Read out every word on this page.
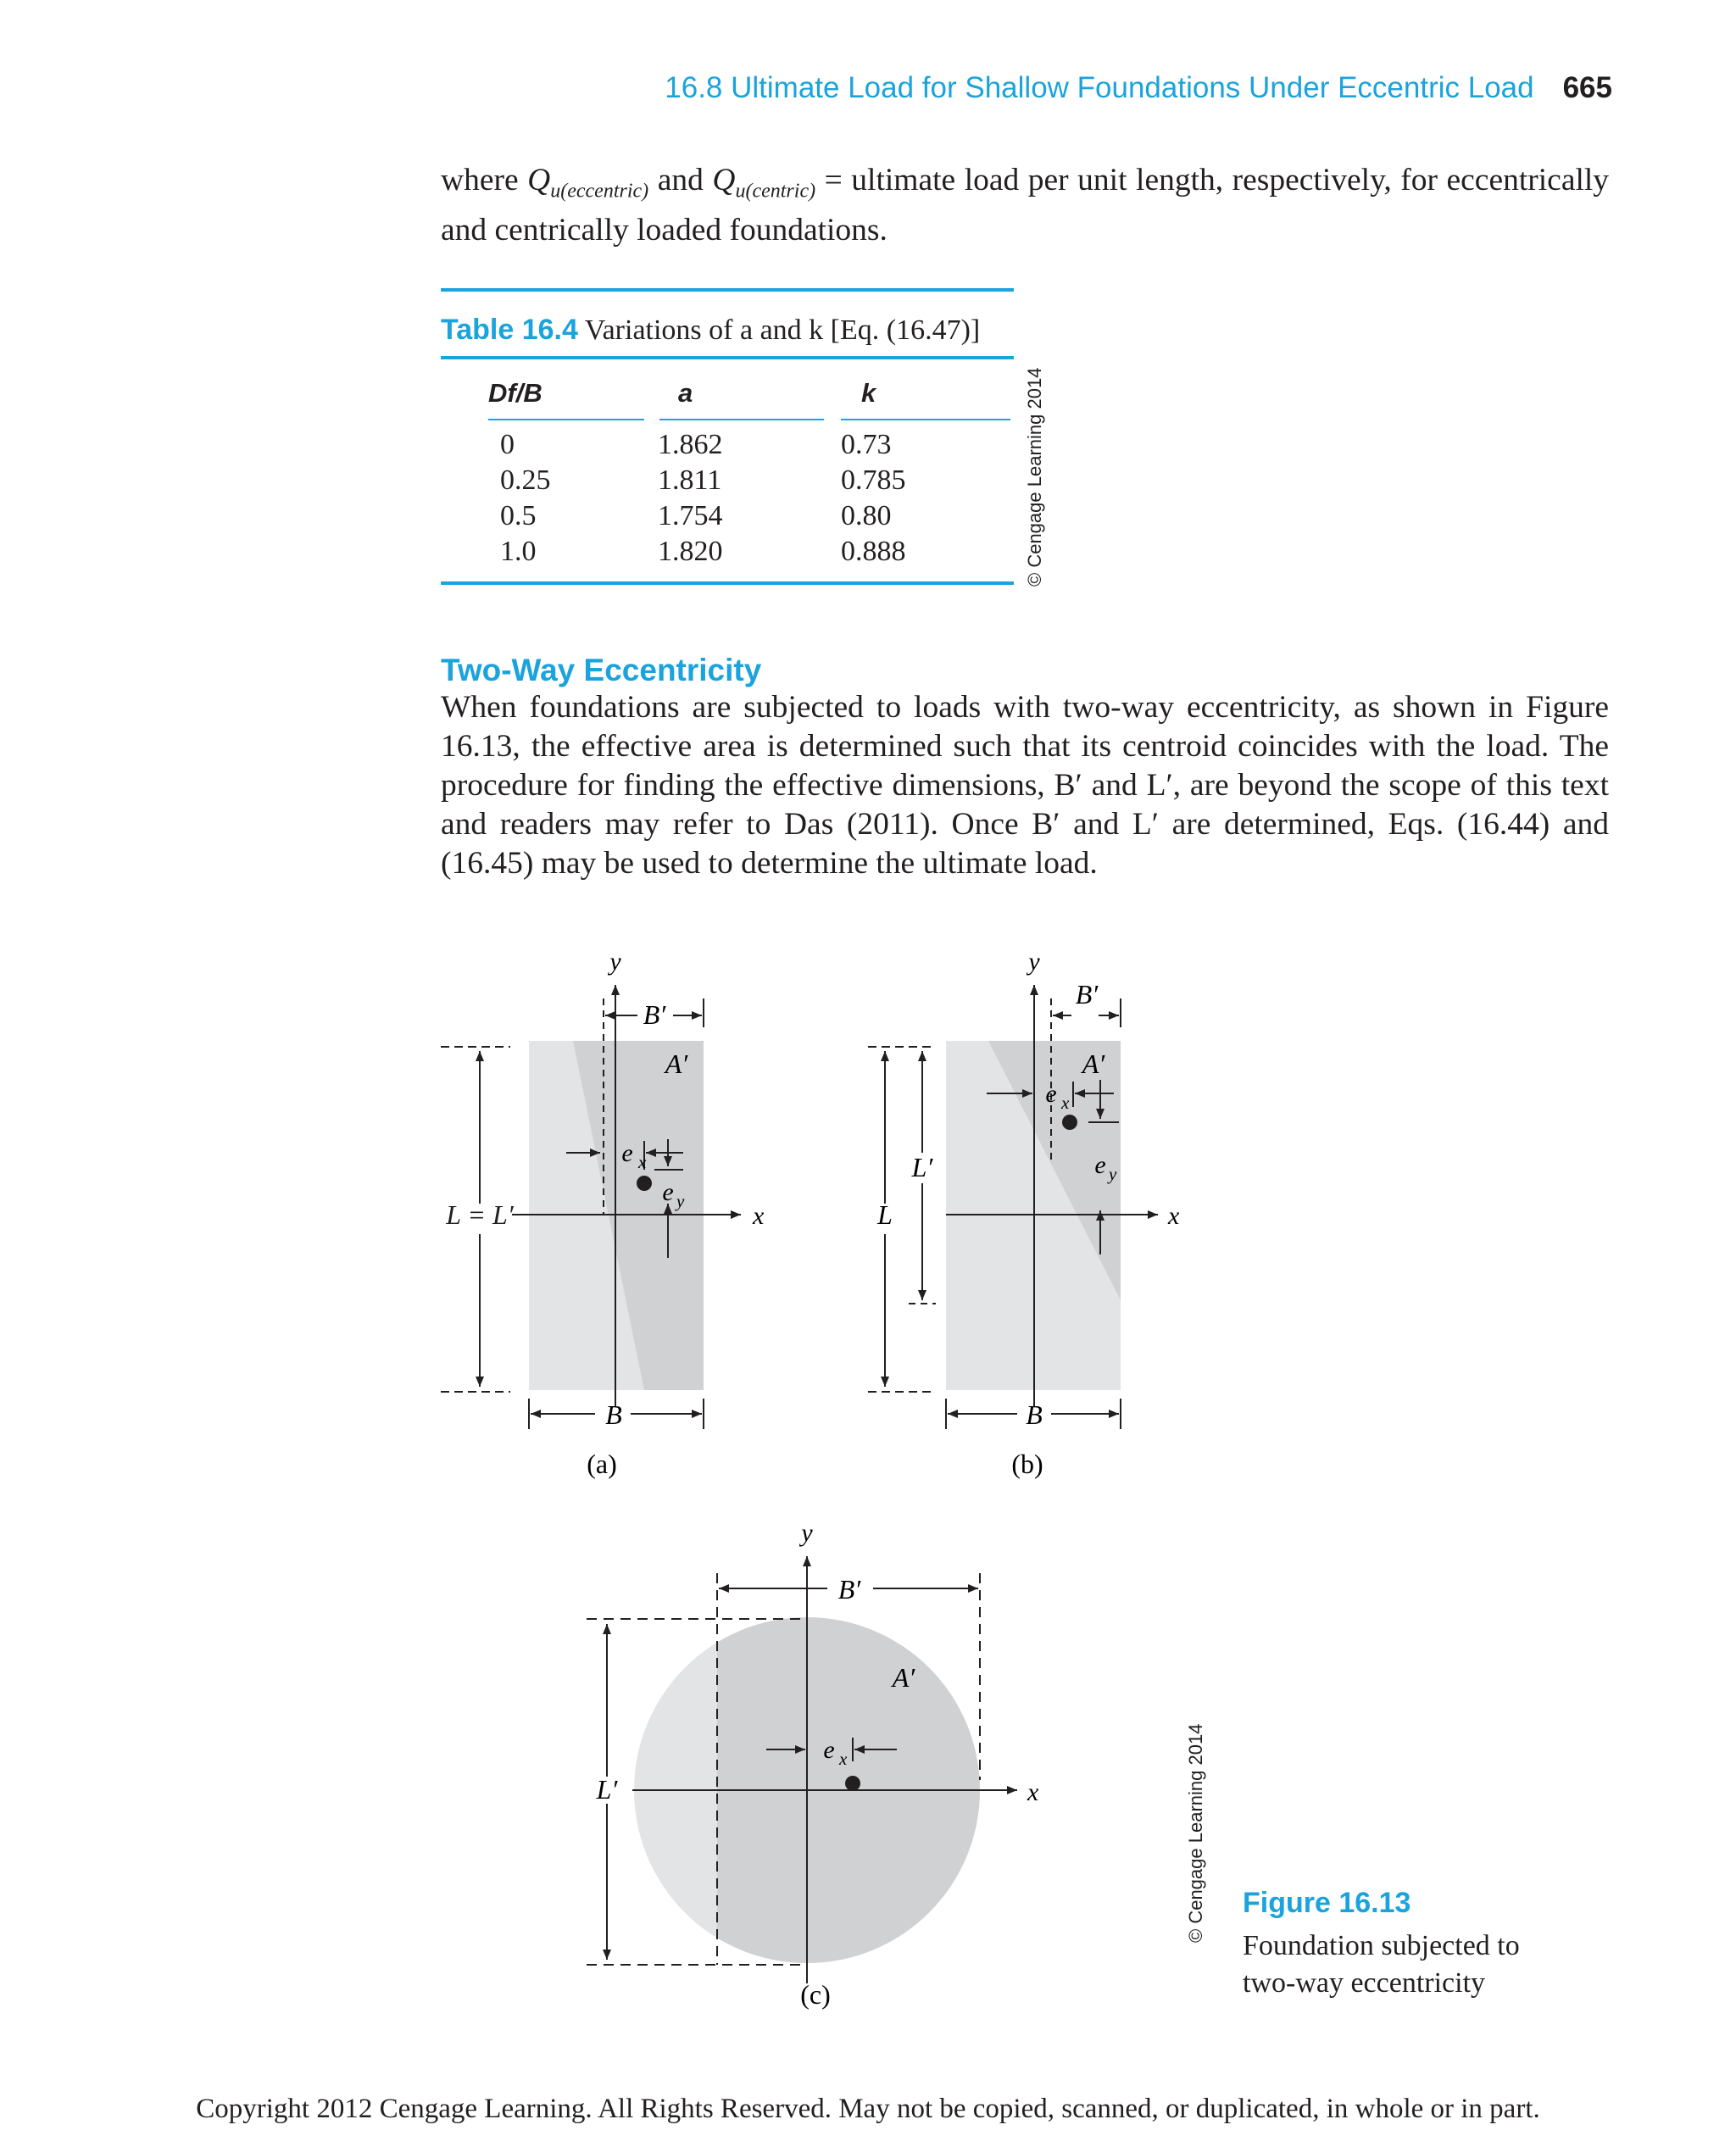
16.8 Ultimate Load for Shallow Foundations Under Eccentric Load 665
where $Q_{u(eccentric)}$ and $Q_{u(centric)}$ = ultimate load per unit length, respectively, for eccentrically and centrically loaded foundations.
Table 16.4 Variations of a and k [Eq. (16.47)]
Df/B	a	k
0	1.862	0.73
0.25	1.811	0.785
0.5	1.754	0.80
1.0	1.820	0.888	© Cengage Learning 2014
Two-Way Eccentricity
When foundations are subjected to loads with two-way eccentricity, as shown in Figure 16.13, the effective area is determined such that its centroid coincides with the load. The procedure for finding the effective dimensions, B′ and L′, are beyond the scope of this text and readers may refer to Das (2011). Once B′ and L′ are determined, Eqs. (16.44) and (16.45) may be used to determine the ultimate load.
y
x
B′
A′
L = L′
B
e x
e y
(a)
y
x
B′
A′
L
L′
B
e x
e y
(b)
y
x
B′
A′
L′
e x
(c)
© Cengage Learning 2014 Figure 16.13
Foundation subjected to two-way eccentricity
Copyright 2012 Cengage Learning. All Rights Reserved. May not be copied, scanned, or duplicated, in whole or in part.
